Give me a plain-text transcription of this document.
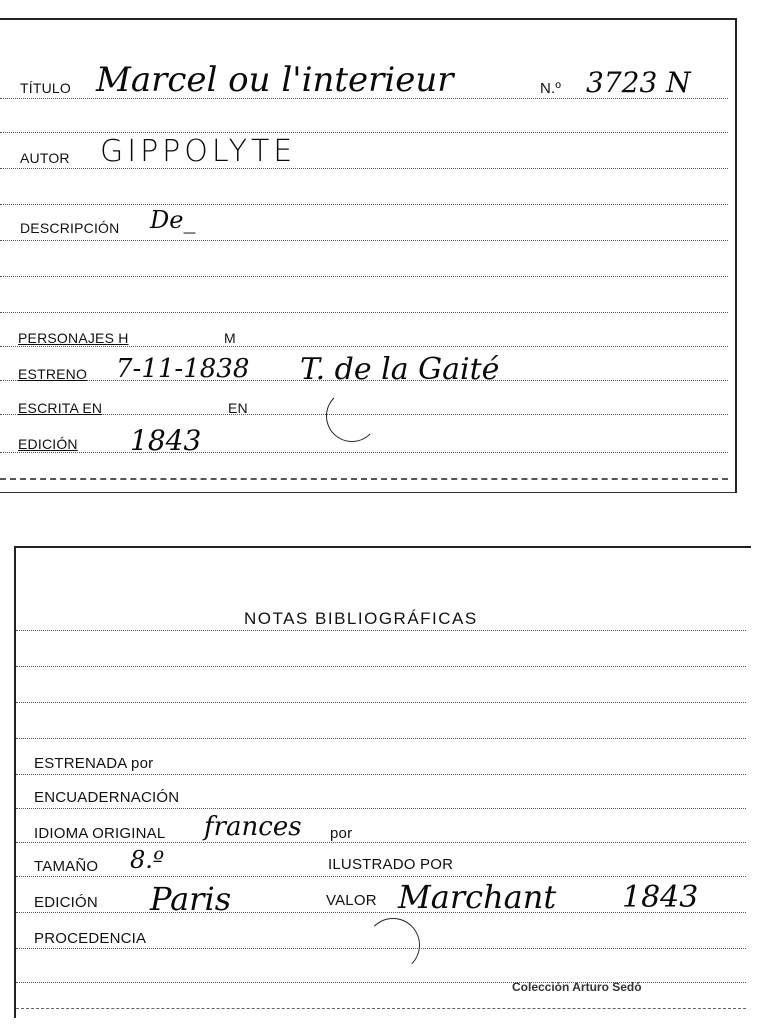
TÍTULO Marcel ou l'interieur	N.º 3723 N
AUTOR GIPPOLYTE
DESCRIPCIÓN De_
PERSONAJES H	M
ESTRENO 7-11-1838 T. de la Gaité
ESCRITA EN	EN
EDICIÓN 1843
NOTAS BIBLIOGRÁFICAS
ESTRENADA por
ENCUADERNACIÓN
IDIOMA ORIGINAL frances por
TAMAÑO 8.º	ILUSTRADO POR
EDICIÓN Paris	VALOR Marchant 1843
PROCEDENCIA
Colección Arturo Sedó
